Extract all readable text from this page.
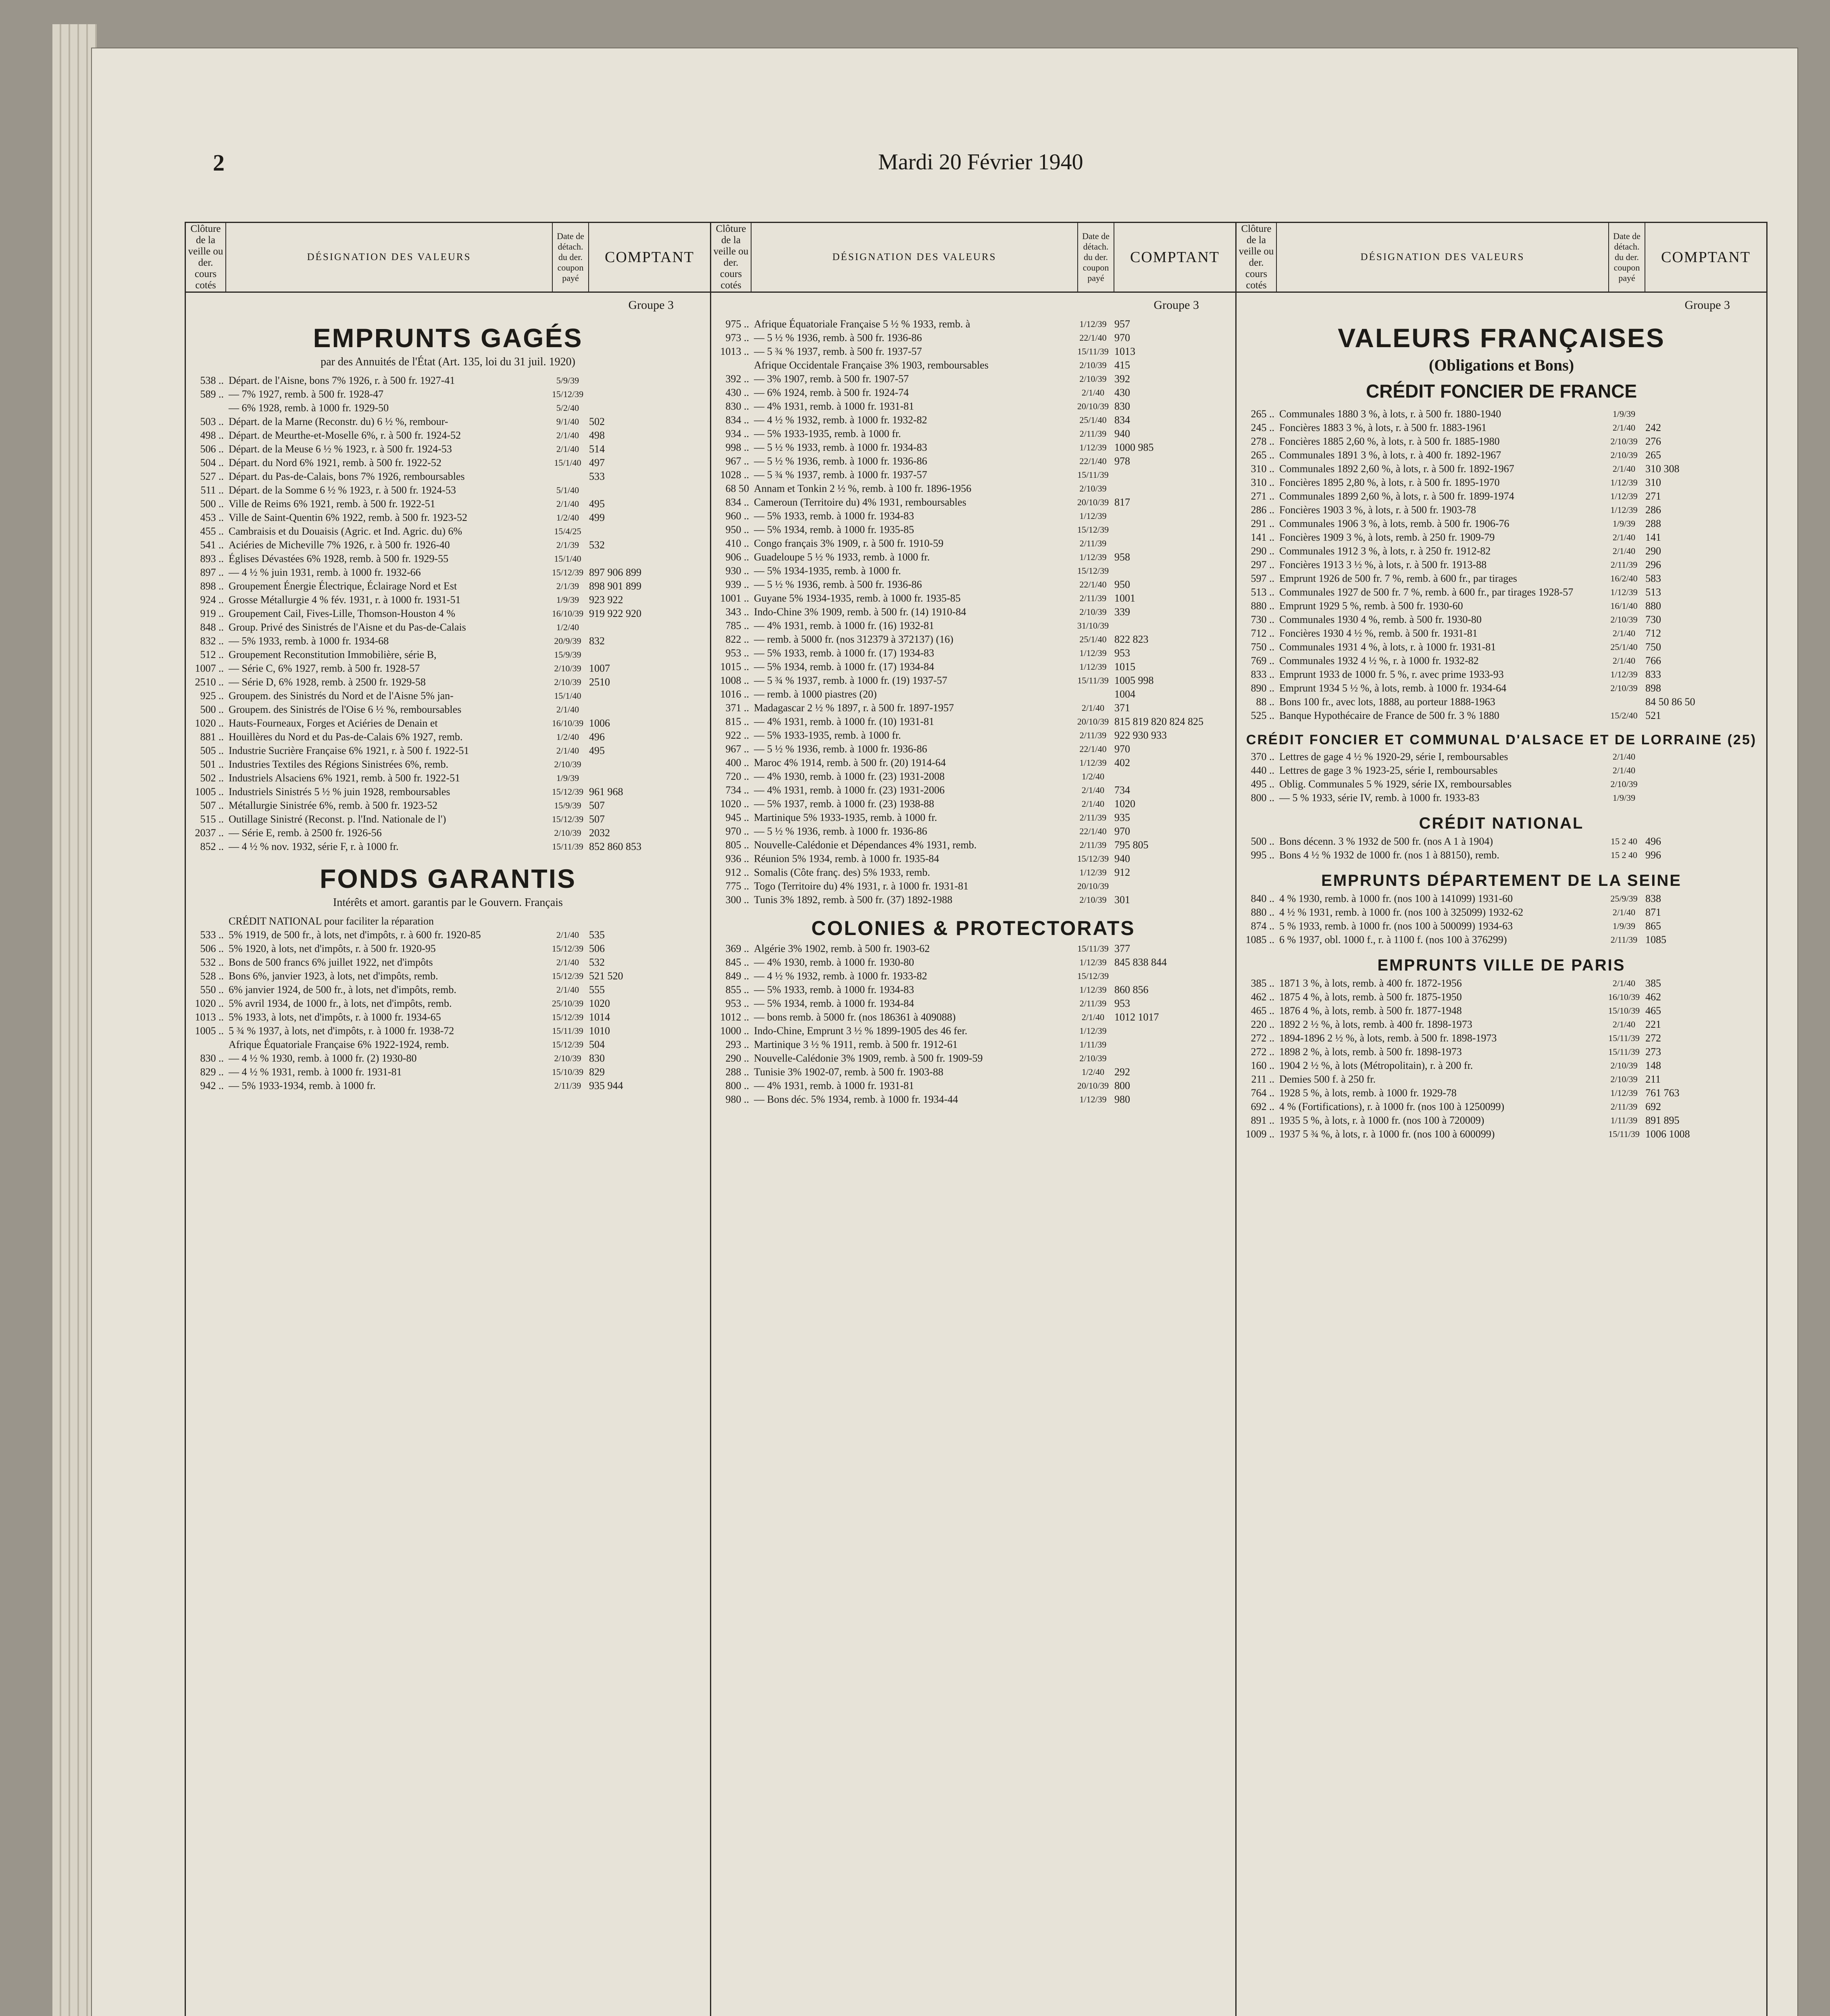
2	Mardi 20 Février 1940
Clôture de la veille ou der. cours cotés
DÉSIGNATION DES VALEURS
Date de détach. du der. coupon payé
COMPTANT
Groupe 3
EMPRUNTS GAGÉS
par des Annuités de l'État (Art. 135, loi du 31 juil. 1920)
538 .. Départ. de l'Aisne, bons 7% 1926, r. à 500 fr. 1927-41	5/9/39
589 .. — 7% 1927, remb. à 500 fr. 1928-47	15/12/39
— 6% 1928, remb. à 1000 fr. 1929-50	5/2/40
503 .. Départ. de la Marne (Reconstr. du) 6 ½ %, rembour-	9/1/40 502
498 .. Départ. de Meurthe-et-Moselle 6%, r. à 500 fr. 1924-52	2/1/40 498
506 .. Départ. de la Meuse 6 ½ % 1923, r. à 500 fr. 1924-53	2/1/40 514
504 .. Départ. du Nord 6% 1921, remb. à 500 fr. 1922-52	15/1/40 497
527 .. Départ. du Pas-de-Calais, bons 7% 1926, remboursables	533
511 .. Départ. de la Somme 6 ½ % 1923, r. à 500 fr. 1924-53	5/1/40
500 .. Ville de Reims 6% 1921, remb. à 500 fr. 1922-51	2/1/40 495
453 .. Ville de Saint-Quentin 6% 1922, remb. à 500 fr. 1923-52	1/2/40 499
455 .. Cambraisis et du Douaisis (Agric. et Ind. Agric. du) 6%	15/4/25
541 .. Aciéries de Micheville 7% 1926, r. à 500 fr. 1926-40	2/1/39 532
893 .. Églises Dévastées 6% 1928, remb. à 500 fr. 1929-55	15/1/40
897 .. — 4 ½ % juin 1931, remb. à 1000 fr. 1932-66	15/12/39 897 906 899
898 .. Groupement Énergie Électrique, Éclairage Nord et Est	2/1/39 898 901 899
924 .. Grosse Métallurgie 4 % fév. 1931, r. à 1000 fr. 1931-51	1/9/39 923 922
919 .. Groupement Cail, Fives-Lille, Thomson-Houston 4 %	16/10/39 919 922 920
848 .. Group. Privé des Sinistrés de l'Aisne et du Pas-de-Calais	1/2/40
832 .. — 5% 1933, remb. à 1000 fr. 1934-68	20/9/39 832
512 .. Groupement Reconstitution Immobilière, série B,	15/9/39
1007 .. — Série C, 6% 1927, remb. à 500 fr. 1928-57	2/10/39 1007
2510 .. — Série D, 6% 1928, remb. à 2500 fr. 1929-58	2/10/39 2510
925 .. Groupem. des Sinistrés du Nord et de l'Aisne 5% jan-	15/1/40
500 .. Groupem. des Sinistrés de l'Oise 6 ½ %, remboursables	2/1/40
1020 .. Hauts-Fourneaux, Forges et Aciéries de Denain et	16/10/39 1006
881 .. Houillères du Nord et du Pas-de-Calais 6% 1927, remb.	1/2/40 496
505 .. Industrie Sucrière Française 6% 1921, r. à 500 f. 1922-51	2/1/40 495
501 .. Industries Textiles des Régions Sinistrées 6%, remb.	2/10/39
502 .. Industriels Alsaciens 6% 1921, remb. à 500 fr. 1922-51	1/9/39
1005 .. Industriels Sinistrés 5 ½ % juin 1928, remboursables	15/12/39 961 968
507 .. Métallurgie Sinistrée 6%, remb. à 500 fr. 1923-52	15/9/39 507
515 .. Outillage Sinistré (Reconst. p. l'Ind. Nationale de l')	15/12/39 507
2037 .. — Série E, remb. à 2500 fr. 1926-56	2/10/39 2032
852 .. — 4 ½ % nov. 1932, série F, r. à 1000 fr.	15/11/39 852 860 853
FONDS GARANTIS
Intérêts et amort. garantis par le Gouvern. Français
CRÉDIT NATIONAL pour faciliter la réparation
533 .. 5% 1919, de 500 fr., à lots, net d'impôts, r. à 600 fr. 1920-85	2/1/40 535
506 .. 5% 1920, à lots, net d'impôts, r. à 500 fr. 1920-95	15/12/39 506
532 .. Bons de 500 francs 6% juillet 1922, net d'impôts	2/1/40 532
528 .. Bons 6%, janvier 1923, à lots, net d'impôts, remb.	15/12/39 521 520
550 .. 6% janvier 1924, de 500 fr., à lots, net d'impôts, remb.	2/1/40 555
1020 .. 5% avril 1934, de 1000 fr., à lots, net d'impôts, remb.	25/10/39 1020
1013 .. 5% 1933, à lots, net d'impôts, r. à 1000 fr. 1934-65	15/12/39 1014
1005 .. 5 ¾ % 1937, à lots, net d'impôts, r. à 1000 fr. 1938-72	15/11/39 1010
Afrique Équatoriale Française 6% 1922-1924, remb.	15/12/39 504
830 .. — 4 ½ % 1930, remb. à 1000 fr. (2) 1930-80	2/10/39 830
829 .. — 4 ½ % 1931, remb. à 1000 fr. 1931-81	15/10/39 829
942 .. — 5% 1933-1934, remb. à 1000 fr.	2/11/39 935 944
Clôture de la veille ou der. cours cotés
DÉSIGNATION DES VALEURS
Date de détach. du der. coupon payé
COMPTANT
Groupe 3
975 .. Afrique Équatoriale Française 5 ½ % 1933, remb. à	1/12/39 957
973 .. — 5 ½ % 1936, remb. à 500 fr. 1936-86	22/1/40 970
1013 .. — 5 ¾ % 1937, remb. à 500 fr. 1937-57	15/11/39 1013
Afrique Occidentale Française 3% 1903, remboursables	2/10/39 415
392 .. — 3% 1907, remb. à 500 fr. 1907-57	2/10/39 392
430 .. — 6% 1924, remb. à 500 fr. 1924-74	2/1/40 430
830 .. — 4% 1931, remb. à 1000 fr. 1931-81	20/10/39 830
834 .. — 4 ½ % 1932, remb. à 1000 fr. 1932-82	25/1/40 834
934 .. — 5% 1933-1935, remb. à 1000 fr.	2/11/39 940
998 .. — 5 ½ % 1933, remb. à 1000 fr. 1934-83	1/12/39 1000 985
967 .. — 5 ½ % 1936, remb. à 1000 fr. 1936-86	22/1/40 978
1028 .. — 5 ¾ % 1937, remb. à 1000 fr. 1937-57	15/11/39
68 50 Annam et Tonkin 2 ½ %, remb. à 100 fr. 1896-1956	2/10/39
834 .. Cameroun (Territoire du) 4% 1931, remboursables	20/10/39 817
960 .. — 5% 1933, remb. à 1000 fr. 1934-83	1/12/39
950 .. — 5% 1934, remb. à 1000 fr. 1935-85	15/12/39
410 .. Congo français 3% 1909, r. à 500 fr. 1910-59	2/11/39
906 .. Guadeloupe 5 ½ % 1933, remb. à 1000 fr.	1/12/39 958
930 .. — 5% 1934-1935, remb. à 1000 fr.	15/12/39
939 .. — 5 ½ % 1936, remb. à 500 fr. 1936-86	22/1/40 950
1001 .. Guyane 5% 1934-1935, remb. à 1000 fr. 1935-85	2/11/39 1001
343 .. Indo-Chine 3% 1909, remb. à 500 fr. (14) 1910-84	2/10/39 339
785 .. — 4% 1931, remb. à 1000 fr. (16) 1932-81	31/10/39
822 .. — remb. à 5000 fr. (nos 312379 à 372137) (16)	25/1/40 822 823
953 .. — 5% 1933, remb. à 1000 fr. (17) 1934-83	1/12/39 953
1015 .. — 5% 1934, remb. à 1000 fr. (17) 1934-84	1/12/39 1015
1008 .. — 5 ¾ % 1937, remb. à 1000 fr. (19) 1937-57	15/11/39 1005 998
1016 .. — remb. à 1000 piastres (20)	1004
371 .. Madagascar 2 ½ % 1897, r. à 500 fr. 1897-1957	2/1/40 371
815 .. — 4% 1931, remb. à 1000 fr. (10) 1931-81	20/10/39 815 819 820 824 825
922 .. — 5% 1933-1935, remb. à 1000 fr.	2/11/39 922 930 933
967 .. — 5 ½ % 1936, remb. à 1000 fr. 1936-86	22/1/40 970
400 .. Maroc 4% 1914, remb. à 500 fr. (20) 1914-64	1/12/39 402
720 .. — 4% 1930, remb. à 1000 fr. (23) 1931-2008	1/2/40
734 .. — 4% 1931, remb. à 1000 fr. (23) 1931-2006	2/1/40 734
1020 .. — 5% 1937, remb. à 1000 fr. (23) 1938-88	2/1/40 1020
945 .. Martinique 5% 1933-1935, remb. à 1000 fr.	2/11/39 935
970 .. — 5 ½ % 1936, remb. à 1000 fr. 1936-86	22/1/40 970
805 .. Nouvelle-Calédonie et Dépendances 4% 1931, remb.	2/11/39 795 805
936 .. Réunion 5% 1934, remb. à 1000 fr. 1935-84	15/12/39 940
912 .. Somalis (Côte franç. des) 5% 1933, remb.	1/12/39 912
775 .. Togo (Territoire du) 4% 1931, r. à 1000 fr. 1931-81	20/10/39
300 .. Tunis 3% 1892, remb. à 500 fr. (37) 1892-1988	2/10/39 301
COLONIES & PROTECTORATS
369 .. Algérie 3% 1902, remb. à 500 fr. 1903-62	15/11/39 377
845 .. — 4% 1930, remb. à 1000 fr. 1930-80	1/12/39 845 838 844
849 .. — 4 ½ % 1932, remb. à 1000 fr. 1933-82	15/12/39
855 .. — 5% 1933, remb. à 1000 fr. 1934-83	1/12/39 860 856
953 .. — 5% 1934, remb. à 1000 fr. 1934-84	2/11/39 953
1012 .. — bons remb. à 5000 fr. (nos 186361 à 409088)	2/1/40 1012 1017
1000 .. Indo-Chine, Emprunt 3 ½ % 1899-1905 des 46 fer.	1/12/39
293 .. Martinique 3 ½ % 1911, remb. à 500 fr. 1912-61	1/11/39
290 .. Nouvelle-Calédonie 3% 1909, remb. à 500 fr. 1909-59	2/10/39
288 .. Tunisie 3% 1902-07, remb. à 500 fr. 1903-88	1/2/40 292
800 .. — 4% 1931, remb. à 1000 fr. 1931-81	20/10/39 800
980 .. — Bons déc. 5% 1934, remb. à 1000 fr. 1934-44	1/12/39 980
Clôture de la veille ou der. cours cotés
DÉSIGNATION DES VALEURS
Date de détach. du der. coupon payé
COMPTANT
Groupe 3
VALEURS FRANÇAISES
(Obligations et Bons)
CRÉDIT FONCIER DE FRANCE
265 .. Communales 1880 3 %, à lots, r. à 500 fr. 1880-1940	1/9/39
245 .. Foncières 1883 3 %, à lots, r. à 500 fr. 1883-1961	2/1/40 242
278 .. Foncières 1885 2,60 %, à lots, r. à 500 fr. 1885-1980	2/10/39 276
265 .. Communales 1891 3 %, à lots, r. à 400 fr. 1892-1967	2/10/39 265
310 .. Communales 1892 2,60 %, à lots, r. à 500 fr. 1892-1967	2/1/40 310 308
310 .. Foncières 1895 2,80 %, à lots, r. à 500 fr. 1895-1970	1/12/39 310
271 .. Communales 1899 2,60 %, à lots, r. à 500 fr. 1899-1974	1/12/39 271
286 .. Foncières 1903 3 %, à lots, r. à 500 fr. 1903-78	1/12/39 286
291 .. Communales 1906 3 %, à lots, remb. à 500 fr. 1906-76	1/9/39 288
141 .. Foncières 1909 3 %, à lots, remb. à 250 fr. 1909-79	2/1/40 141
290 .. Communales 1912 3 %, à lots, r. à 250 fr. 1912-82	2/1/40 290
297 .. Foncières 1913 3 ½ %, à lots, r. à 500 fr. 1913-88	2/11/39 296
597 .. Emprunt 1926 de 500 fr. 7 %, remb. à 600 fr., par tirages	16/2/40 583
513 .. Communales 1927 de 500 fr. 7 %, remb. à 600 fr., par tirages 1928-57	1/12/39 513
880 .. Emprunt 1929 5 %, remb. à 500 fr. 1930-60	16/1/40 880
730 .. Communales 1930 4 %, remb. à 500 fr. 1930-80	2/10/39 730
712 .. Foncières 1930 4 ½ %, remb. à 500 fr. 1931-81	2/1/40 712
750 .. Communales 1931 4 %, à lots, r. à 1000 fr. 1931-81	25/1/40 750
769 .. Communales 1932 4 ½ %, r. à 1000 fr. 1932-82	2/1/40 766
833 .. Emprunt 1933 de 1000 fr. 5 %, r. avec prime 1933-93	1/12/39 833
890 .. Emprunt 1934 5 ½ %, à lots, remb. à 1000 fr. 1934-64	2/10/39 898
88 .. Bons 100 fr., avec lots, 1888, au porteur 1888-1963	84 50 86 50
525 .. Banque Hypothécaire de France de 500 fr. 3 % 1880	15/2/40 521
CRÉDIT FONCIER ET COMMUNAL D'ALSACE ET DE LORRAINE (25)
370 .. Lettres de gage 4 ½ % 1920-29, série I, remboursables	2/1/40
440 .. Lettres de gage 3 % 1923-25, série I, remboursables	2/1/40
495 .. Oblig. Communales 5 % 1929, série IX, remboursables	2/10/39
800 .. — 5 % 1933, série IV, remb. à 1000 fr. 1933-83	1/9/39
CRÉDIT NATIONAL
500 .. Bons décenn. 3 % 1932 de 500 fr. (nos A 1 à 1904)	15 2 40 496
995 .. Bons 4 ½ % 1932 de 1000 fr. (nos 1 à 88150), remb.	15 2 40 996
EMPRUNTS DÉPARTEMENT DE LA SEINE
840 .. 4 % 1930, remb. à 1000 fr. (nos 100 à 141099) 1931-60	25/9/39 838
880 .. 4 ½ % 1931, remb. à 1000 fr. (nos 100 à 325099) 1932-62	2/1/40 871
874 .. 5 % 1933, remb. à 1000 fr. (nos 100 à 500099) 1934-63	1/9/39 865
1085 .. 6 % 1937, obl. 1000 f., r. à 1100 f. (nos 100 à 376299)	2/11/39 1085
EMPRUNTS VILLE DE PARIS
385 .. 1871 3 %, à lots, remb. à 400 fr. 1872-1956	2/1/40 385
462 .. 1875 4 %, à lots, remb. à 500 fr. 1875-1950	16/10/39 462
465 .. 1876 4 %, à lots, remb. à 500 fr. 1877-1948	15/10/39 465
220 .. 1892 2 ½ %, à lots, remb. à 400 fr. 1898-1973	2/1/40 221
272 .. 1894-1896 2 ½ %, à lots, remb. à 500 fr. 1898-1973	15/11/39 272
272 .. 1898 2 %, à lots, remb. à 500 fr. 1898-1973	15/11/39 273
160 .. 1904 2 ½ %, à lots (Métropolitain), r. à 200 fr.	2/10/39 148
211 .. Demies 500 f. à 250 fr.	2/10/39 211
764 .. 1928 5 %, à lots, remb. à 1000 fr. 1929-78	1/12/39 761 763
692 .. 4 % (Fortifications), r. à 1000 fr. (nos 100 à 1250099)	2/11/39 692
891 .. 1935 5 %, à lots, r. à 1000 fr. (nos 100 à 720009)	1/11/39 891 895
1009 .. 1937 5 ¾ %, à lots, r. à 1000 fr. (nos 100 à 600099)	15/11/39 1006 1008
